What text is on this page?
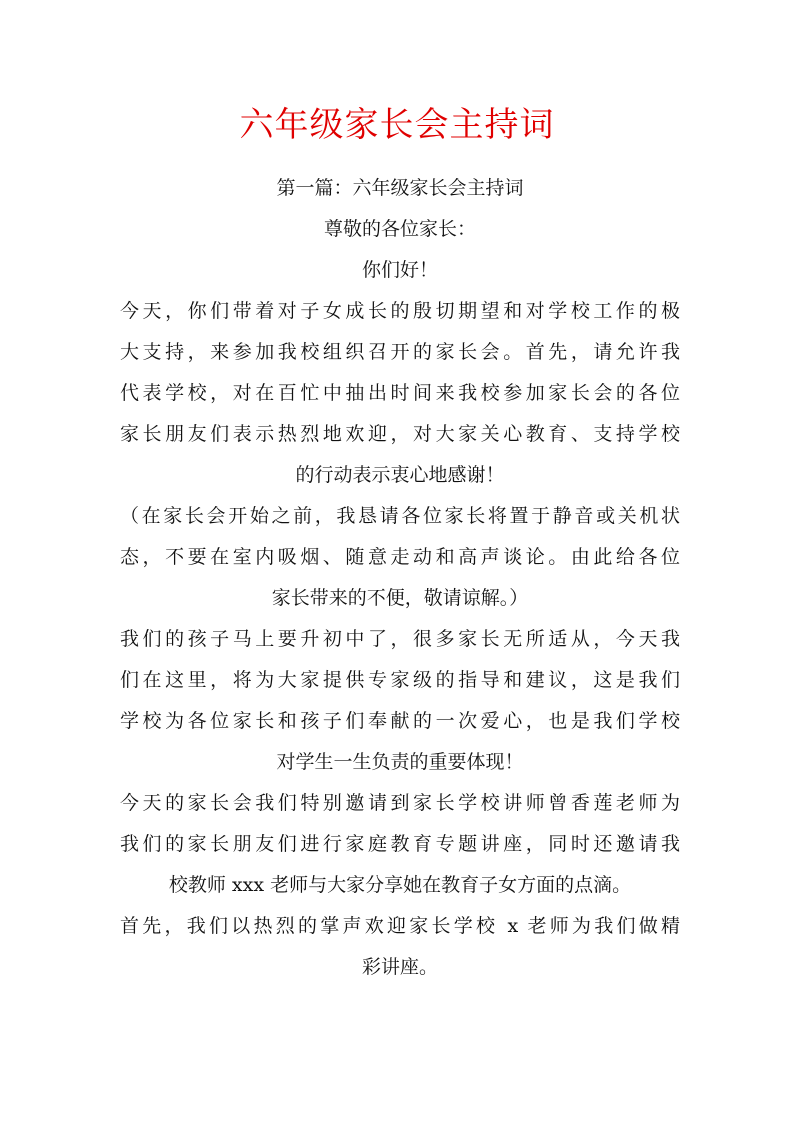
六年级家长会主持词
第一篇：六年级家长会主持词
尊敬的各位家长：
你们好！
今天，你们带着对子女成长的殷切期望和对学校工作的极
大支持，来参加我校组织召开的家长会。首先，请允许我
代表学校，对在百忙中抽出时间来我校参加家长会的各位
家长朋友们表示热烈地欢迎，对大家关心教育、支持学校
的行动表示衷心地感谢！
（在家长会开始之前，我恳请各位家长将置于静音或关机状
态，不要在室内吸烟、随意走动和高声谈论。由此给各位
家长带来的不便，敬请谅解。）
我们的孩子马上要升初中了，很多家长无所适从，今天我
们在这里，将为大家提供专家级的指导和建议，这是我们
学校为各位家长和孩子们奉献的一次爱心，也是我们学校
对学生一生负责的重要体现！
今天的家长会我们特别邀请到家长学校讲师曾香莲老师为
我们的家长朋友们进行家庭教育专题讲座，同时还邀请我
校教师 xxx 老师与大家分享她在教育子女方面的点滴。
首先，我们以热烈的掌声欢迎家长学校 x 老师为我们做精
彩讲座。
